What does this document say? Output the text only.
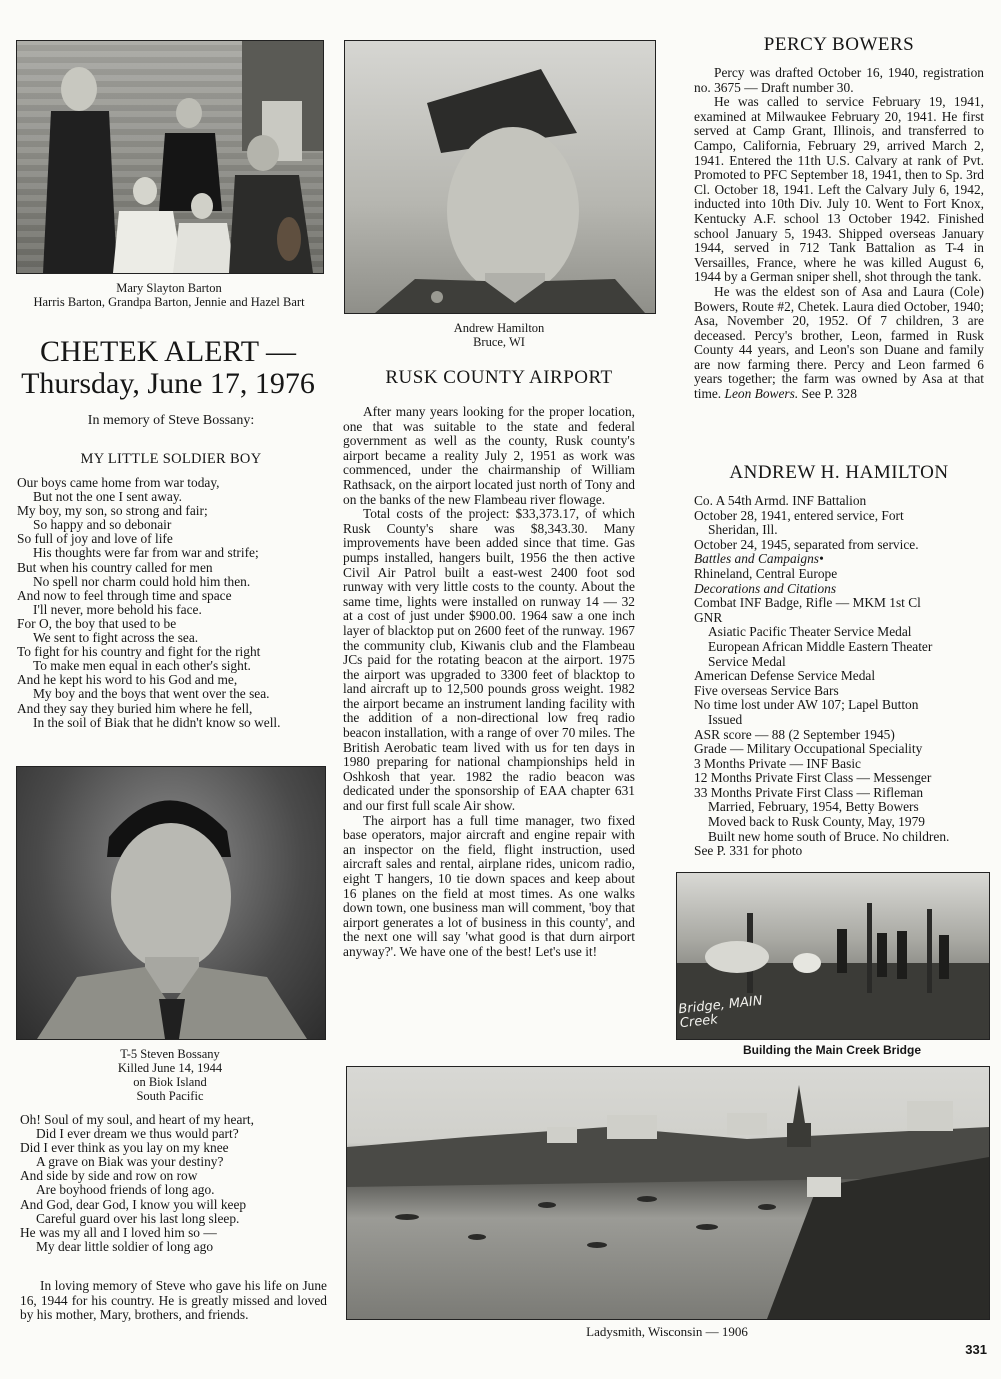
Mary Slayton Barton
Harris Barton, Grandpa Barton, Jennie and Hazel Bart
CHETEK ALERT —
Thursday, June 17, 1976
In memory of Steve Bossany:
MY LITTLE SOLDIER BOY
Our boys came home from war today,
But not the one I sent away.
My boy, my son, so strong and fair;
So happy and so debonair
So full of joy and love of life
His thoughts were far from war and strife;
But when his country called for men
No spell nor charm could hold him then.
And now to feel through time and space
I'll never, more behold his face.
For O, the boy that used to be
We sent to fight across the sea.
To fight for his country and fight for the right
To make men equal in each other's sight.
And he kept his word to his God and me,
My boy and the boys that went over the sea.
And they say they buried him where he fell,
In the soil of Biak that he didn't know so well.
T-5 Steven Bossany
Killed June 14, 1944
on Biok Island
South Pacific
Oh! Soul of my soul, and heart of my heart,
Did I ever dream we thus would part?
Did I ever think as you lay on my knee
A grave on Biak was your destiny?
And side by side and row on row
Are boyhood friends of long ago.
And God, dear God, I know you will keep
Careful guard over his last long sleep.
He was my all and I loved him so —
My dear little soldier of long ago

In loving memory of Steve who gave his life on June 16, 1944 for his country. He is greatly missed and loved by his mother, Mary, brothers, and friends.

Andrew Hamilton
Bruce, WI
RUSK COUNTY AIRPORT

After many years looking for the proper location, one that was suitable to the state and federal government as well as the county, Rusk county's airport became a reality July 2, 1951 as work was commenced, under the chairmanship of William Rathsack, on the airport located just north of Tony and on the banks of the new Flambeau river flowage.

Total costs of the project: $33,373.17, of which Rusk County's share was $8,343.30. Many improvements have been added since that time. Gas pumps installed, hangers built, 1956 the then active Civil Air Patrol built a east-west 2400 foot sod runway with very little costs to the county. About the same time, lights were installed on runway 14 — 32 at a cost of just under $900.00. 1964 saw a one inch layer of blacktop put on 2600 feet of the runway. 1967 the community club, Kiwanis club and the Flambeau JCs paid for the rotating beacon at the airport. 1975 the airport was upgraded to 3300 feet of blacktop to land aircraft up to 12,500 pounds gross weight. 1982 the airport became an instrument landing facility with the addition of a non-directional low freq radio beacon installation, with a range of over 70 miles. The British Aerobatic team lived with us for ten days in 1980 preparing for national championships held in Oshkosh that year. 1982 the radio beacon was dedicated under the sponsorship of EAA chapter 631 and our first full scale Air show.

The airport has a full time manager, two fixed base operators, major aircraft and engine repair with an inspector on the field, flight instruction, used aircraft sales and rental, airplane rides, unicom radio, eight T hangers, 10 tie down spaces and keep about 16 planes on the field at most times. As one walks down town, one business man will comment, 'boy that airport generates a lot of business in this county', and the next one will say 'what good is that durn airport anyway?'. We have one of the best! Let's use it!

PERCY BOWERS

Percy was drafted October 16, 1940, registration no. 3675 — Draft number 30.

He was called to service February 19, 1941, examined at Milwaukee February 20, 1941. He first served at Camp Grant, Illinois, and transferred to Campo, California, February 29, arrived March 2, 1941. Entered the 11th U.S. Calvary at rank of Pvt. Promoted to PFC September 18, 1941, then to Sp. 3rd Cl. October 18, 1941. Left the Calvary July 6, 1942, inducted into 10th Div. July 10. Went to Fort Knox, Kentucky A.F. school 13 October 1942. Finished school January 5, 1943. Shipped overseas January 1944, served in 712 Tank Battalion as T-4 in Versailles, France, where he was killed August 6, 1944 by a German sniper shell, shot through the tank.

He was the eldest son of Asa and Laura (Cole) Bowers, Route #2, Chetek. Laura died October, 1940; Asa, November 20, 1952. Of 7 children, 3 are deceased. Percy's brother, Leon, farmed in Rusk County 44 years, and Leon's son Duane and family are now farming there. Percy and Leon farmed 6 years together; the farm was owned by Asa at that time. Leon Bowers. See P. 328

ANDREW H. HAMILTON
Co. A 54th Armd. INF Battalion
October 28, 1941, entered service, Fort
Sheridan, Ill.
October 24, 1945, separated from service.
Battles and Campaigns•
Rhineland, Central Europe
Decorations and Citations
Combat INF Badge, Rifle — MKM 1st Cl
GNR
Asiatic Pacific Theater Service Medal
European African Middle Eastern Theater
Service Medal
American Defense Service Medal
Five overseas Service Bars
No time lost under AW 107; Lapel Button
Issued
ASR score — 88 (2 September 1945)
Grade — Military Occupational Speciality
3 Months Private — INF Basic
12 Months Private First Class — Messenger
33 Months Private First Class — Rifleman
Married, February, 1954, Betty Bowers
Moved back to Rusk County, May, 1979
Built new home south of Bruce. No children.
See P. 331 for photo
Bridge, MAIN Creek
Building the Main Creek Bridge
Ladysmith, Wisconsin — 1906
331
